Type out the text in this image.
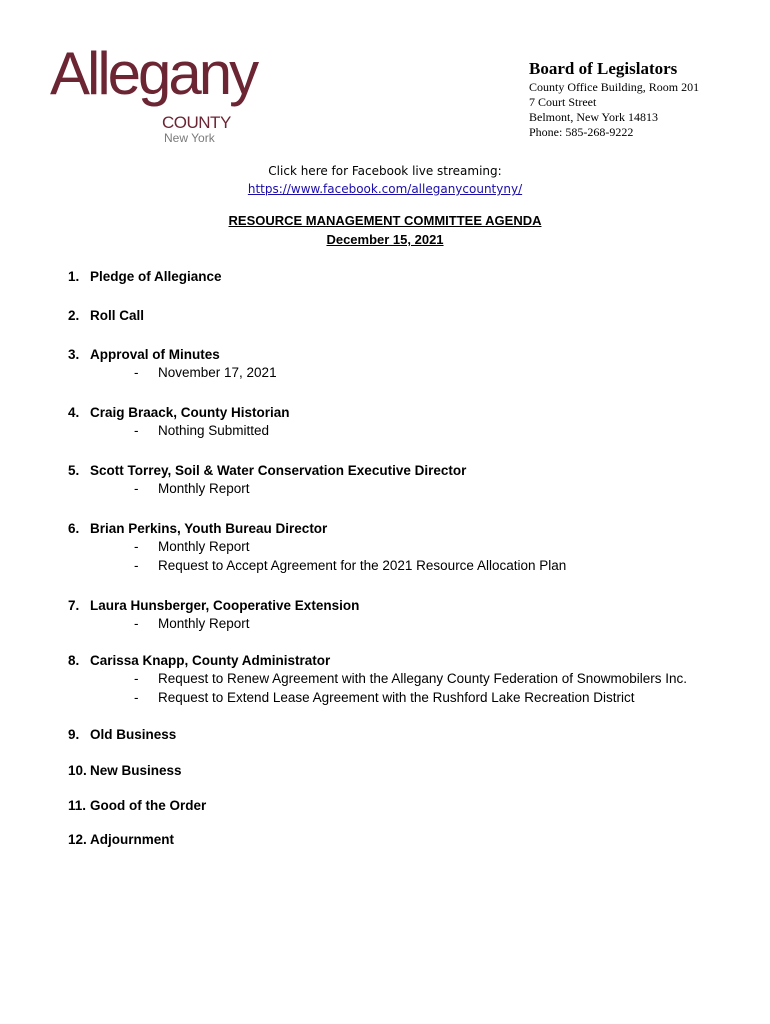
Allegany
COUNTY
New York
Board of Legislators
County Office Building, Room 201
7 Court Street
Belmont, New York 14813
Phone: 585-268-9222
Click here for Facebook live streaming:
https://www.facebook.com/alleganycountyny/
RESOURCE MANAGEMENT COMMITTEE AGENDA
December 15, 2021
1. Pledge of Allegiance
2. Roll Call
3. Approval of Minutes
- November 17, 2021
4. Craig Braack, County Historian
- Nothing Submitted
5. Scott Torrey, Soil & Water Conservation Executive Director
- Monthly Report
6. Brian Perkins, Youth Bureau Director
- Monthly Report
- Request to Accept Agreement for the 2021 Resource Allocation Plan
7. Laura Hunsberger, Cooperative Extension
- Monthly Report
8. Carissa Knapp, County Administrator
- Request to Renew Agreement with the Allegany County Federation of Snowmobilers Inc.
- Request to Extend Lease Agreement with the Rushford Lake Recreation District
9. Old Business
10. New Business
11. Good of the Order
12. Adjournment
